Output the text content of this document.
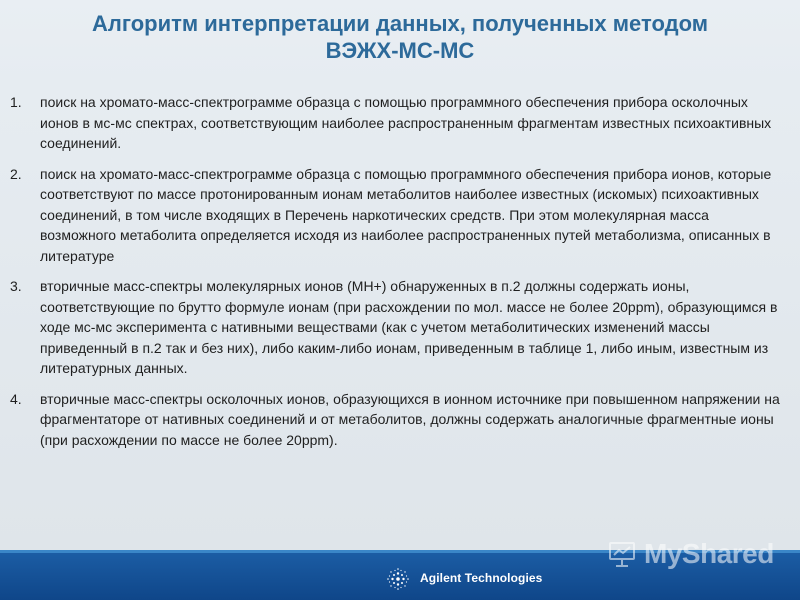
Алгоритм интерпретации данных, полученных методом
ВЭЖХ-МС-МС
1.	поиск на хромато-масс-спектрограмме образца с помощью программного обеспечения прибора осколочных ионов в мс-мс спектрах, соответствующим наиболее распространенным фрагментам известных психоактивных соединений.
2.	поиск на хромато-масс-спектрограмме образца с помощью программного обеспечения прибора ионов, которые соответствуют по массе протонированным ионам метаболитов наиболее известных (искомых) психоактивных соединений, в том числе входящих в Перечень наркотических средств. При этом молекулярная масса возможного метаболита определяется исходя из наиболее распространенных путей метаболизма, описанных в литературе
3.	вторичные масс-спектры молекулярных ионов (МН+) обнаруженных в п.2 должны содержать ионы, соответствующие по брутто формуле ионам (при расхождении по мол. массе не более 20ppm), образующимся в ходе мс-мс эксперимента с нативными веществами (как с учетом метаболитических изменений массы приведенный в п.2 так и без них), либо каким-либо ионам, приведенным в таблице 1, либо иным, известным из литературных данных.
4.	вторичные масс-спектры осколочных ионов, образующихся в ионном источнике при повышенном напряжении на фрагментаторе от нативных соединений и от метаболитов, должны содержать аналогичные фрагментные ионы (при расхождении по массе не более 20ppm).
Agilent Technologies
MyShared
